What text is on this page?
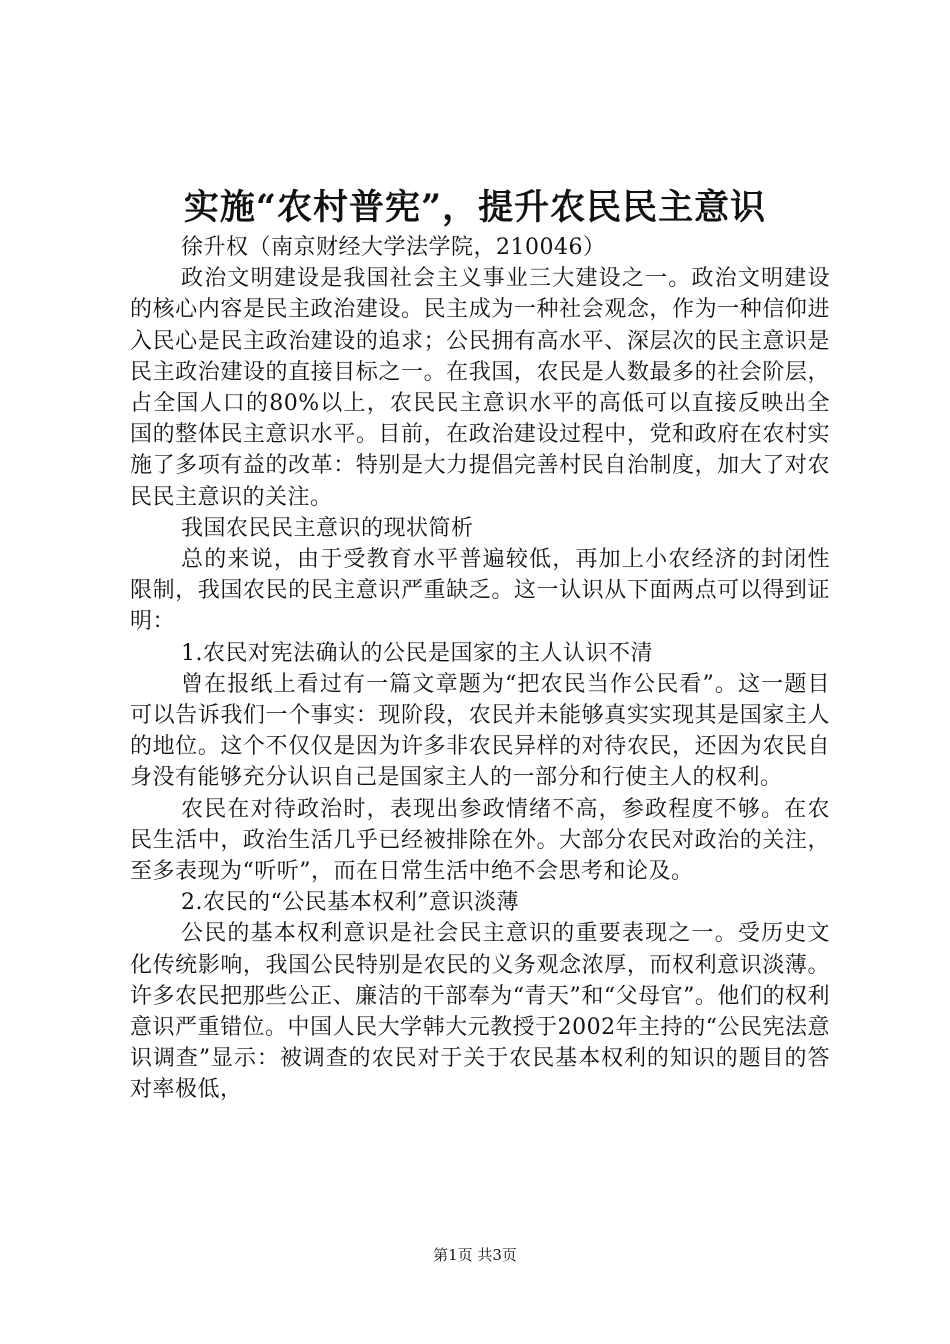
实施“农村普宪”，提升农民民主意识

徐升权（南京财经大学法学院，210046）

政治文明建设是我国社会主义事业三大建设之一。政治文明建设的核心内容是民主政治建设。民主成为一种社会观念，作为一种信仰进入民心是民主政治建设的追求；公民拥有高水平、深层次的民主意识是民主政治建设的直接目标之一。在我国，农民是人数最多的社会阶层，占全国人口的80%以上，农民民主意识水平的高低可以直接反映出全国的整体民主意识水平。目前，在政治建设过程中，党和政府在农村实施了多项有益的改革：特别是大力提倡完善村民自治制度，加大了对农民民主意识的关注。

我国农民民主意识的现状简析

总的来说，由于受教育水平普遍较低，再加上小农经济的封闭性限制，我国农民的民主意识严重缺乏。这一认识从下面两点可以得到证明：

1.农民对宪法确认的公民是国家的主人认识不清

曾在报纸上看过有一篇文章题为“把农民当作公民看”。这一题目可以告诉我们一个事实：现阶段，农民并未能够真实实现其是国家主人的地位。这个不仅仅是因为许多非农民异样的对待农民，还因为农民自身没有能够充分认识自己是国家主人的一部分和行使主人的权利。

农民在对待政治时，表现出参政情绪不高，参政程度不够。在农民生活中，政治生活几乎已经被排除在外。大部分农民对政治的关注，至多表现为“听听”，而在日常生活中绝不会思考和论及。

2.农民的“公民基本权利”意识淡薄

公民的基本权利意识是社会民主意识的重要表现之一。受历史文化传统影响，我国公民特别是农民的义务观念浓厚，而权利意识淡薄。许多农民把那些公正、廉洁的干部奉为“青天”和“父母官”。他们的权利意识严重错位。中国人民大学韩大元教授于2002年主持的“公民宪法意识调查”显示：被调查的农民对于关于农民基本权利的知识的题目的答对率极低，

第1页 共3页
